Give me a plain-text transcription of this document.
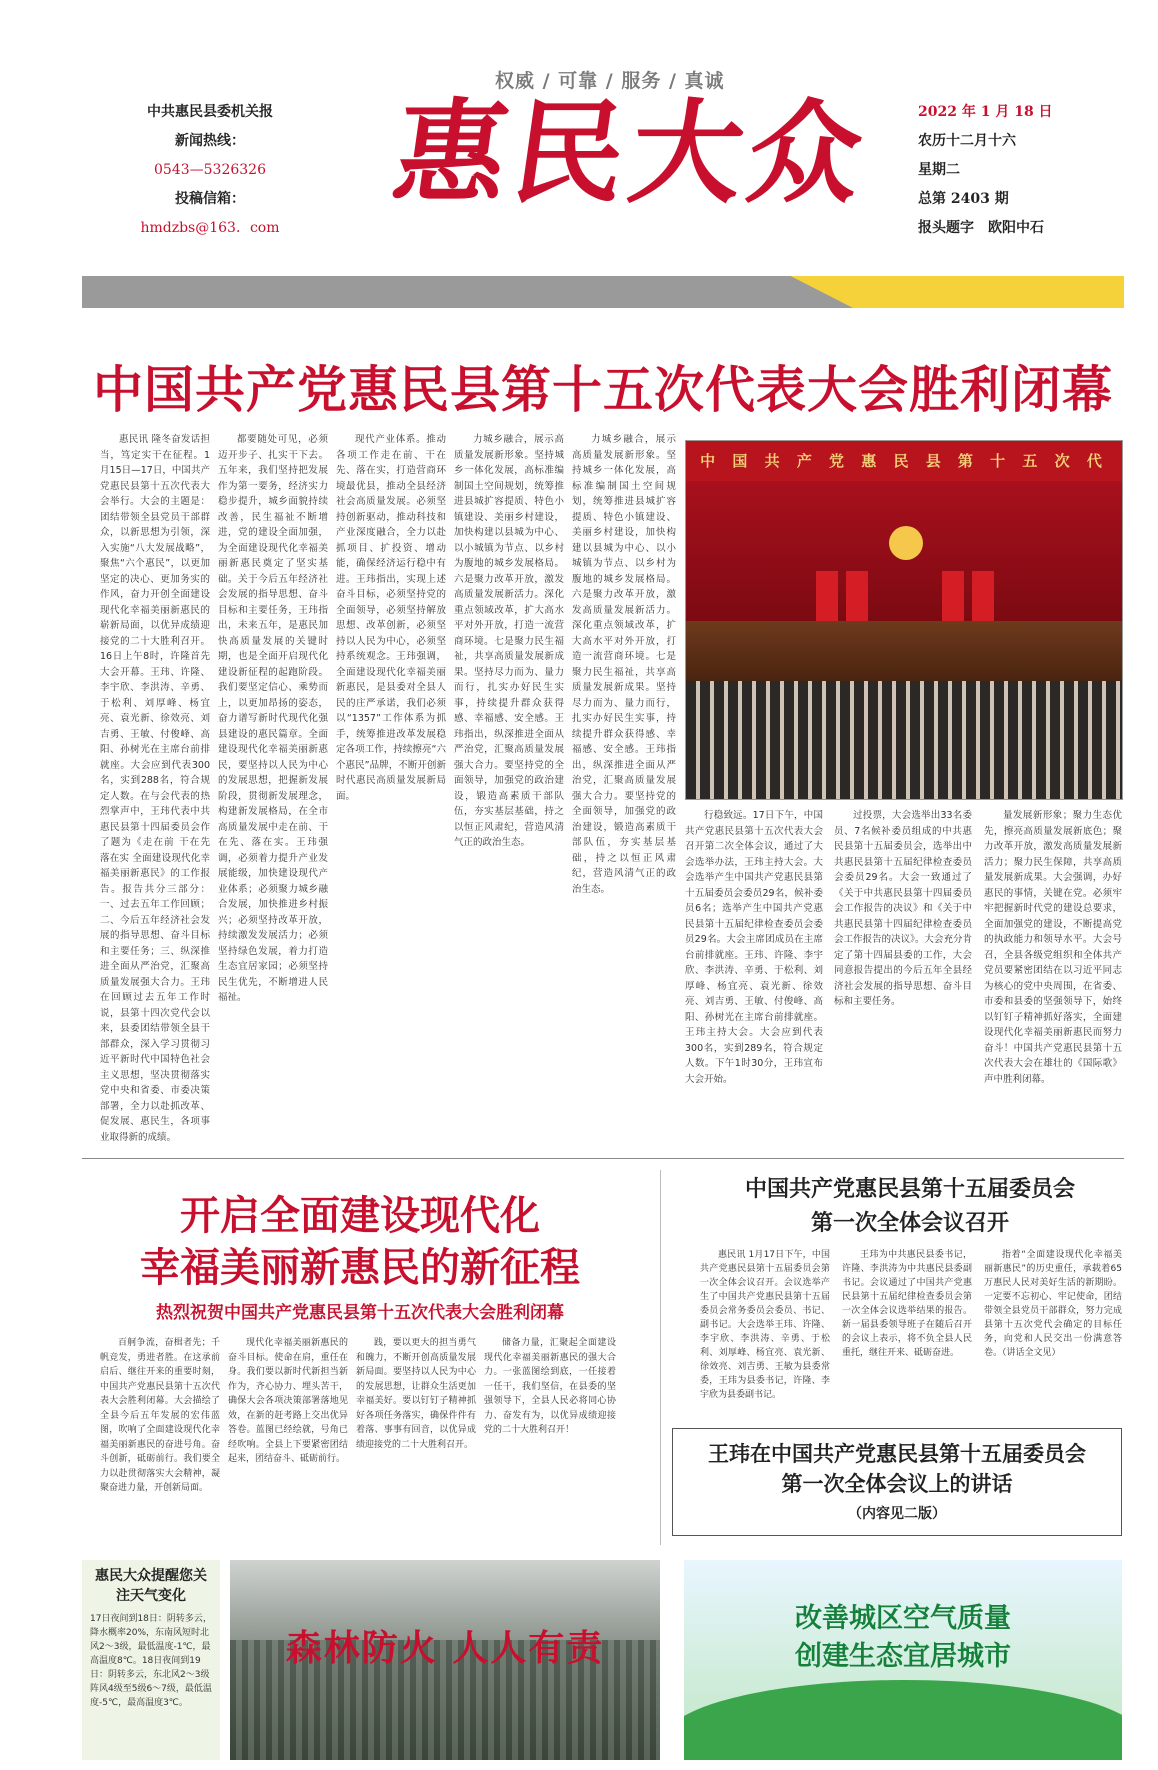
权威 / 可靠 / 服务 / 真诚
中共惠民县委机关报
新闻热线：
0543—5326326
投稿信箱：
hmdzbs@163．com
惠民大众	2022 年 1 月 18 日
农历十二月十六
星期二
总第 2403 期
报头题字　欧阳中石
中国共产党惠民县第十五次代表大会胜利闭幕

惠民讯 隆冬奋发话担当，笃定实干在征程。1月15日—17日，中国共产党惠民县第十五次代表大会举行。大会的主题是：团结带领全县党员干部群众，以新思想为引领，深入实施“八大发展战略”，聚焦“六个惠民”，以更加坚定的决心、更加务实的作风，奋力开创全面建设现代化幸福美丽新惠民的崭新局面，以优异成绩迎接党的二十大胜利召开。16日上午8时，许隆首先大会开幕。王玮、许隆、李宇欣、李洪涛、辛勇、于松利、刘厚峰、杨宜亮、袁光新、徐效亮、刘吉勇、王敏、付俊峰、高阳、孙树光在主席台前排就座。大会应到代表300名，实到288名，符合规定人数。在与会代表的热烈掌声中，王玮代表中共惠民县第十四届委员会作了题为《走在前 干在先 落在实 全面建设现代化幸福美丽新惠民》的工作报告。报告共分三部分：一、过去五年工作回顾；二、今后五年经济社会发展的指导思想、奋斗目标和主要任务；三、纵深推进全面从严治党，汇聚高质量发展强大合力。王玮在回顾过去五年工作时说，县第十四次党代会以来，县委团结带领全县干部群众，深入学习贯彻习近平新时代中国特色社会主义思想，坚决贯彻落实党中央和省委、市委决策部署，全力以赴抓改革、促发展、惠民生，各项事业取得新的成绩。

都要随处可见，必须迈开步子、扎实干下去。五年来，我们坚持把发展作为第一要务，经济实力稳步提升，城乡面貌持续改善，民生福祉不断增进，党的建设全面加强，为全面建设现代化幸福美丽新惠民奠定了坚实基础。关于今后五年经济社会发展的指导思想、奋斗目标和主要任务，王玮指出，未来五年，是惠民加快高质量发展的关键时期，也是全面开启现代化建设新征程的起跑阶段。我们要坚定信心、乘势而上，以更加昂扬的姿态，奋力谱写新时代现代化强县建设的惠民篇章。全面建设现代化幸福美丽新惠民，要坚持以人民为中心的发展思想，把握新发展阶段，贯彻新发展理念，构建新发展格局，在全市高质量发展中走在前、干在先、落在实。王玮强调，必须着力提升产业发展能级，加快建设现代产业体系；必须聚力城乡融合发展，加快推进乡村振兴；必须坚持改革开放，持续激发发展活力；必须坚持绿色发展，着力打造生态宜居家园；必须坚持民生优先，不断增进人民福祉。

现代产业体系。推动各项工作走在前、干在先、落在实，打造营商环境最优县，推动全县经济社会高质量发展。必须坚持创新驱动，推动科技和产业深度融合，全力以赴抓项目、扩投资、增动能，确保经济运行稳中有进。王玮指出，实现上述奋斗目标，必须坚持党的全面领导，必须坚持解放思想、改革创新，必须坚持以人民为中心，必须坚持系统观念。王玮强调，全面建设现代化幸福美丽新惠民，是县委对全县人民的庄严承诺，我们必须以“1357”工作体系为抓手，统筹推进改革发展稳定各项工作，持续擦亮“六个惠民”品牌，不断开创新时代惠民高质量发展新局面。

力城乡融合，展示高质量发展新形象。坚持城乡一体化发展，高标准编制国土空间规划，统筹推进县城扩容提质、特色小镇建设、美丽乡村建设，加快构建以县城为中心、以小城镇为节点、以乡村为腹地的城乡发展格局。六是聚力改革开放，激发高质量发展新活力。深化重点领域改革，扩大高水平对外开放，打造一流营商环境。七是聚力民生福祉，共享高质量发展新成果。坚持尽力而为、量力而行，扎实办好民生实事，持续提升群众获得感、幸福感、安全感。王玮指出，纵深推进全面从严治党，汇聚高质量发展强大合力。要坚持党的全面领导，加强党的政治建设，锻造高素质干部队伍，夯实基层基础，持之以恒正风肃纪，营造风清气正的政治生态。

力城乡融合，展示高质量发展新形象。坚持城乡一体化发展，高标准编制国土空间规划，统筹推进县城扩容提质、特色小镇建设、美丽乡村建设，加快构建以县城为中心、以小城镇为节点、以乡村为腹地的城乡发展格局。六是聚力改革开放，激发高质量发展新活力。深化重点领域改革，扩大高水平对外开放，打造一流营商环境。七是聚力民生福祉，共享高质量发展新成果。坚持尽力而为、量力而行，扎实办好民生实事，持续提升群众获得感、幸福感、安全感。王玮指出，纵深推进全面从严治党，汇聚高质量发展强大合力。要坚持党的全面领导，加强党的政治建设，锻造高素质干部队伍，夯实基层基础，持之以恒正风肃纪，营造风清气正的政治生态。

行稳致远。17日下午，中国共产党惠民县第十五次代表大会召开第二次全体会议，通过了大会选举办法，王玮主持大会。大会选举产生中国共产党惠民县第十五届委员会委员29名，候补委员6名；选举产生中国共产党惠民县第十五届纪律检查委员会委员29名。大会主席团成员在主席台前排就座。王玮、许隆、李宇欣、李洪涛、辛勇、于松利、刘厚峰、杨宜亮、袁光新、徐效亮、刘吉勇、王敏、付俊峰、高阳、孙树光在主席台前排就座。王玮主持大会。大会应到代表300名，实到289名，符合规定人数。下午1时30分，王玮宣布大会开始。

过投票，大会选举出33名委员、7名候补委员组成的中共惠民县第十五届委员会，选举出中共惠民县第十五届纪律检查委员会委员29名。大会一致通过了《关于中共惠民县第十四届委员会工作报告的决议》和《关于中共惠民县第十四届纪律检查委员会工作报告的决议》。大会充分肯定了第十四届县委的工作，大会同意报告提出的今后五年全县经济社会发展的指导思想、奋斗目标和主要任务。

量发展新形象；聚力生态优先，擦亮高质量发展新底色；聚力改革开放，激发高质量发展新活力；聚力民生保障，共享高质量发展新成果。大会强调，办好惠民的事情，关键在党。必须牢牢把握新时代党的建设总要求，全面加强党的建设，不断提高党的执政能力和领导水平。大会号召，全县各级党组织和全体共产党员要紧密团结在以习近平同志为核心的党中央周围，在省委、市委和县委的坚强领导下，始终以钉钉子精神抓好落实，全面建设现代化幸福美丽新惠民而努力奋斗！中国共产党惠民县第十五次代表大会在雄壮的《国际歌》声中胜利闭幕。

中 国 共 产 党 惠 民 县 第 十 五 次 代
开启全面建设现代化
幸福美丽新惠民的新征程
热烈祝贺中国共产党惠民县第十五次代表大会胜利闭幕

百舸争流，奋楫者先；千帆竞发，勇进者胜。在这承前启后、继往开来的重要时刻，中国共产党惠民县第十五次代表大会胜利闭幕。大会描绘了全县今后五年发展的宏伟蓝图，吹响了全面建设现代化幸福美丽新惠民的奋进号角。奋斗创新，砥砺前行。我们要全力以赴贯彻落实大会精神，凝聚奋进力量，开创新局面。

现代化幸福美丽新惠民的奋斗目标。使命在肩，重任在身。我们要以新时代新担当新作为，齐心协力、埋头苦干，确保大会各项决策部署落地见效，在新的赶考路上交出优异答卷。蓝图已经绘就，号角已经吹响。全县上下要紧密团结起来，团结奋斗、砥砺前行。

践，要以更大的担当勇气和魄力，不断开创高质量发展新局面。要坚持以人民为中心的发展思想，让群众生活更加幸福美好。要以钉钉子精神抓好各项任务落实，确保件件有着落、事事有回音，以优异成绩迎接党的二十大胜利召开。

储备力量，汇聚起全面建设现代化幸福美丽新惠民的强大合力。一张蓝图绘到底，一任接着一任干，我们坚信，在县委的坚强领导下，全县人民必将同心协力、奋发有为，以优异成绩迎接党的二十大胜利召开！

中国共产党惠民县第十五届委员会
第一次全体会议召开

惠民讯 1月17日下午，中国共产党惠民县第十五届委员会第一次全体会议召开。会议选举产生了中国共产党惠民县第十五届委员会常务委员会委员、书记、副书记。大会选举王玮、许隆、李宇欣、李洪涛、辛勇、于松利、刘厚峰、杨宜亮、袁光新、徐效亮、刘吉勇、王敏为县委常委，王玮为县委书记，许隆、李宇欣为县委副书记。

王玮为中共惠民县委书记，许隆、李洪涛为中共惠民县委副书记。会议通过了中国共产党惠民县第十五届纪律检查委员会第一次全体会议选举结果的报告。新一届县委领导班子在随后召开的会议上表示，将不负全县人民重托，继往开来、砥砺奋进。

指着“全面建设现代化幸福美丽新惠民”的历史重任，承载着65万惠民人民对美好生活的新期盼。一定要不忘初心、牢记使命，团结带领全县党员干部群众，努力完成县第十五次党代会确定的目标任务，向党和人民交出一份满意答卷。（讲话全文见）

王玮在中国共产党惠民县第十五届委员会
第一次全体会议上的讲话
（内容见二版）
惠民大众提醒您关注天气变化
17日夜间到18日：阴转多云，降水概率20%，东南风短时北风2～3级，最低温度-1℃，最高温度8℃。18日夜间到19日：阴转多云，东北风2～3级阵风4级至5级6～7级，最低温度-5℃，最高温度3℃。
森林防火 人人有责
改善城区空气质量
创建生态宜居城市
